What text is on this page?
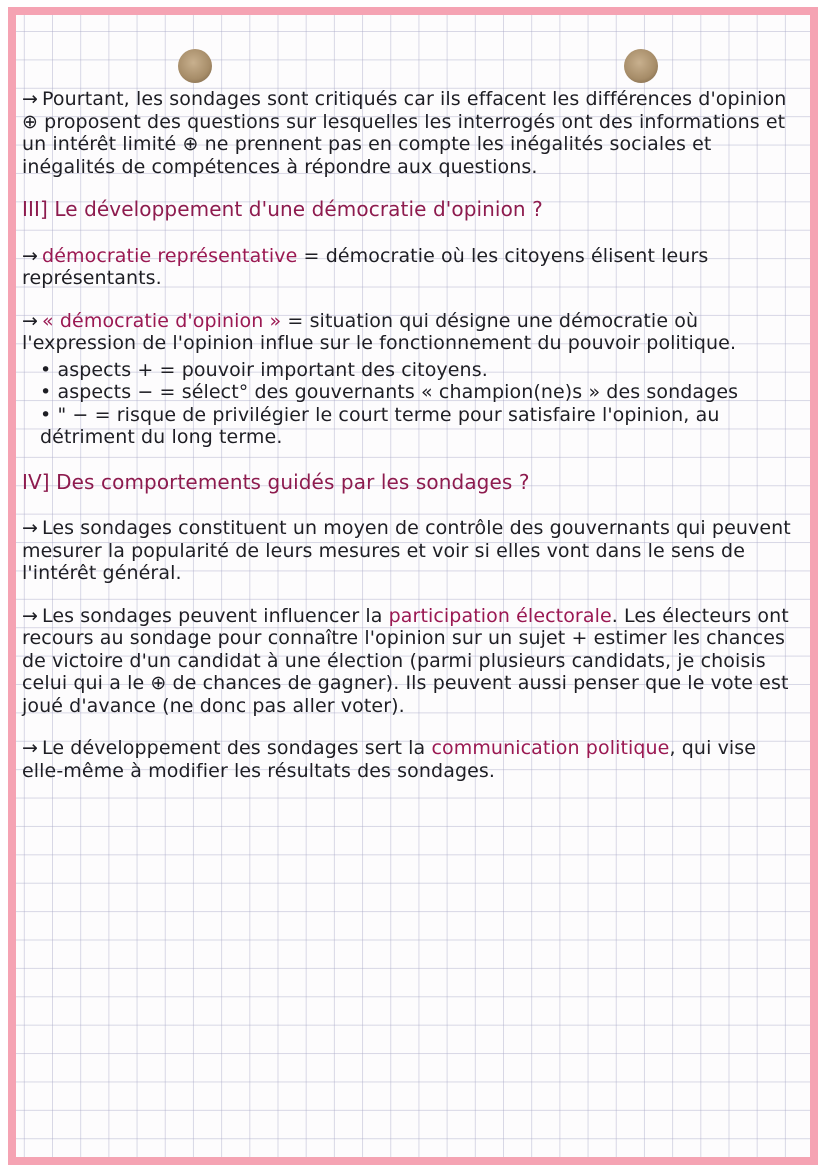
→ Pourtant, les sondages sont critiqués car ils effacent les différences d'opinion ⊕ proposent des questions sur lesquelles les interrogés ont des informations et un intérêt limité ⊕ ne prennent pas en compte les inégalités sociales et inégalités de compétences à répondre aux questions.

III] Le développement d'une démocratie d'opinion ?

→ démocratie représentative = démocratie où les citoyens élisent leurs représentants.

→ « démocratie d'opinion » = situation qui désigne une démocratie où l'expression de l'opinion influe sur le fonctionnement du pouvoir politique.

• aspects + = pouvoir important des citoyens.
• aspects − = sélect° des gouvernants « champion(ne)s » des sondages
• " − = risque de privilégier le court terme pour satisfaire l'opinion, au détriment du long terme.
IV] Des comportements guidés par les sondages ?

→ Les sondages constituent un moyen de contrôle des gouvernants qui peuvent mesurer la popularité de leurs mesures et voir si elles vont dans le sens de l'intérêt général.

→ Les sondages peuvent influencer la participation électorale. Les électeurs ont recours au sondage pour connaître l'opinion sur un sujet + estimer les chances de victoire d'un candidat à une élection (parmi plusieurs candidats, je choisis celui qui a le ⊕ de chances de gagner). Ils peuvent aussi penser que le vote est joué d'avance (ne donc pas aller voter).

→ Le développement des sondages sert la communication politique, qui vise elle-même à modifier les résultats des sondages.
